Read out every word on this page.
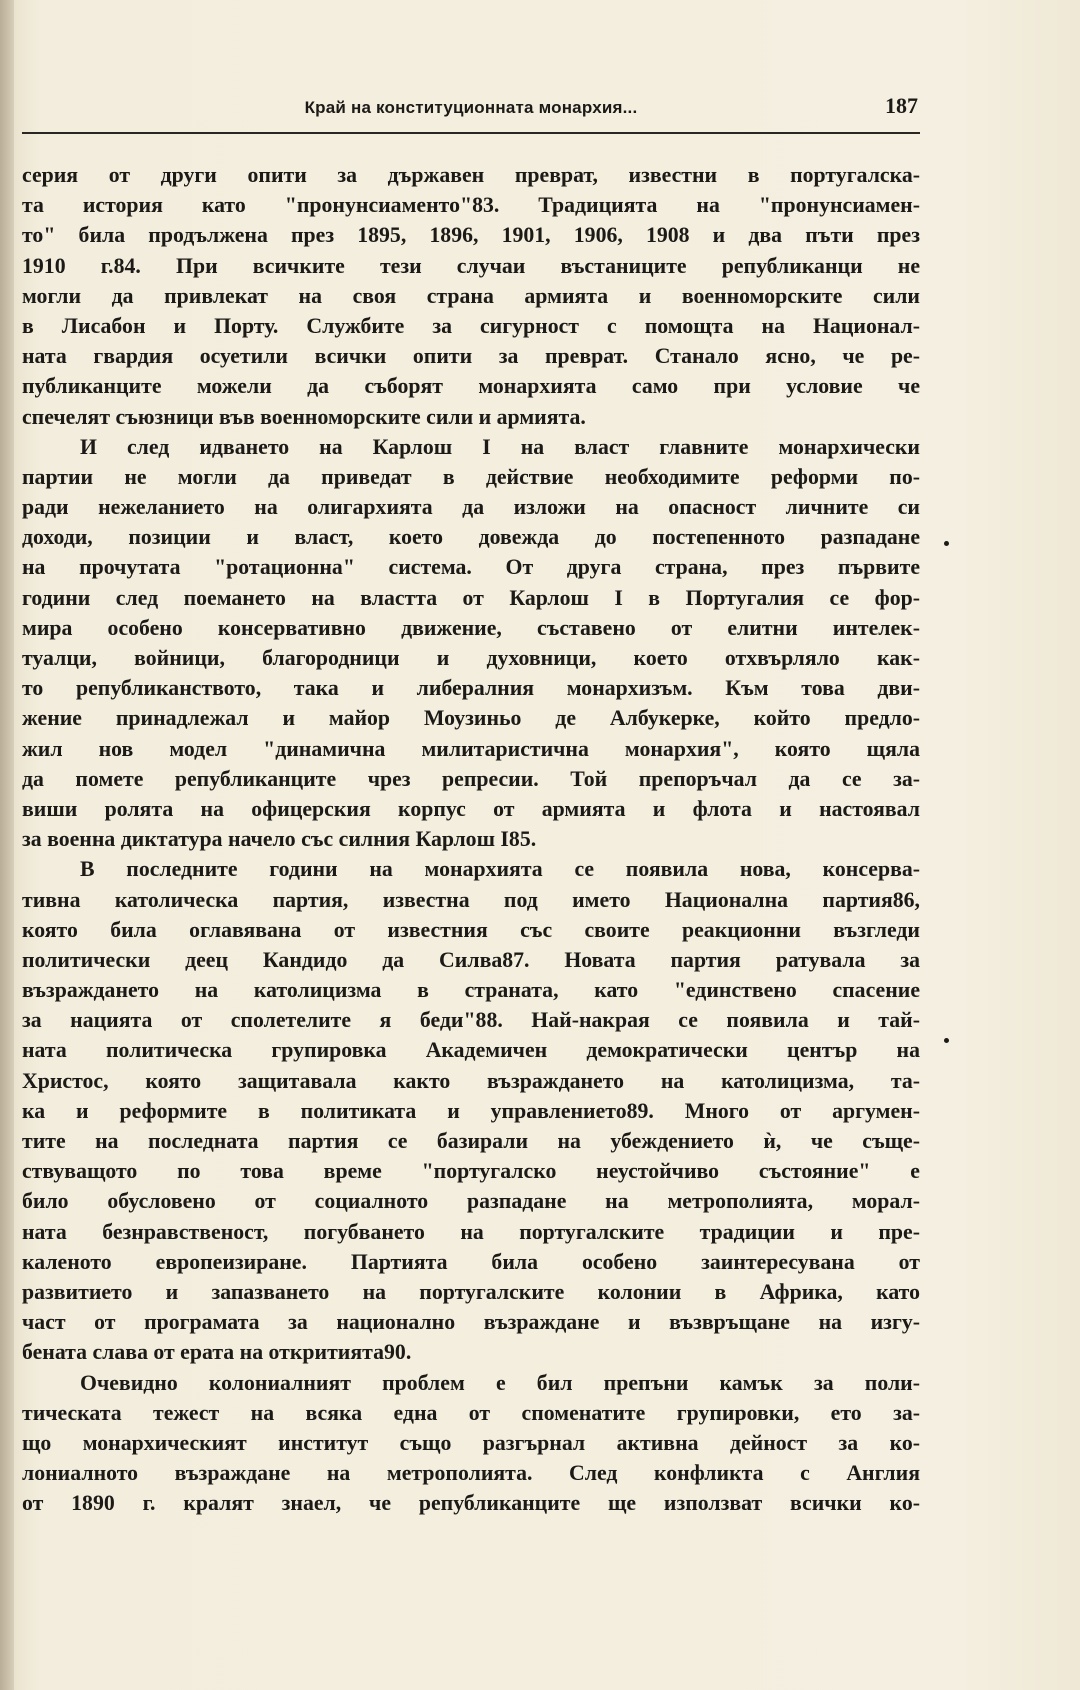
Край на конституционната монархия...	187
серия от други опити за държавен преврат, известни в португалска-
та история като "пронунсиаменто"83. Традицията на "пронунсиамен-
то" била продължена през 1895, 1896, 1901, 1906, 1908 и два пъти през
1910 г.84. При всичките тези случаи въстаниците републиканци не
могли да привлекат на своя страна армията и военноморските сили
в Лисабон и Порту. Службите за сигурност с помощта на Национал-
ната гвардия осуетили всички опити за преврат. Станало ясно, че ре-
публиканците можели да съборят монархията само при условие че
спечелят съюзници във военноморските сили и армията.
И след идването на Карлош I на власт главните монархически
партии не могли да приведат в действие необходимите реформи по-
ради нежеланието на олигархията да изложи на опасност личните си
доходи, позиции и власт, което довежда до постепенното разпадане
на прочутата "ротационна" система. От друга страна, през първите
години след поемането на властта от Карлош I в Португалия се фор-
мира особено консервативно движение, съставено от елитни интелек-
туалци, войници, благородници и духовници, което отхвърляло как-
то републиканството, така и либералния монархизъм. Към това дви-
жение принадлежал и майор Моузиньо де Албукерке, който предло-
жил нов модел "динамична милитаристична монархия", която щяла
да помете републиканците чрез репресии. Той препоръчал да се за-
виши ролята на офицерския корпус от армията и флота и настоявал
за военна диктатура начело със силния Карлош I85.
В последните години на монархията се появила нова, консерва-
тивна католическа партия, известна под името Национална партия86,
която била оглавявана от известния със своите реакционни възгледи
политически деец Кандидо да Силва87. Новата партия ратувала за
възраждането на католицизма в страната, като "единствено спасение
за нацията от сполетелите я беди"88. Най-накрая се появила и тай-
ната политическа групировка Академичен демократически център на
Христос, която защитавала както възраждането на католицизма, та-
ка и реформите в политиката и управлението89. Много от аргумен-
тите на последната партия се базирали на убеждението ѝ, че съще-
ствуващото по това време "португалско неустойчиво състояние" е
било обусловено от социалното разпадане на метрополията, морал-
ната безнравственост, погубването на португалските традиции и пре-
каленото европеизиране. Партията била особено заинтересувана от
развитието и запазването на португалските колонии в Африка, като
част от програмата за национално възраждане и възвръщане на изгу-
бената слава от ерата на откритията90.
Очевидно колониалният проблем е бил препъни камък за поли-
тическата тежест на всяка една от споменатите групировки, ето за-
що монархическият институт също разгърнал активна дейност за ко-
лониалното възраждане на метрополията. След конфликта с Англия
от 1890 г. кралят знаел, че републиканците ще използват всички ко-
